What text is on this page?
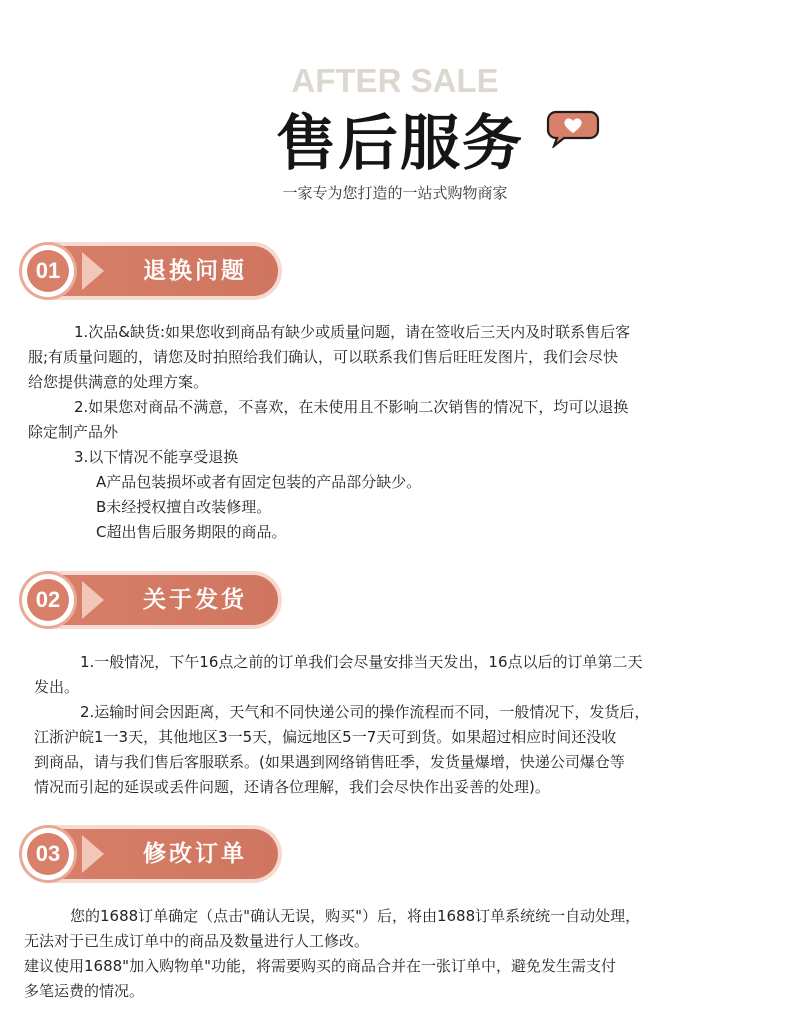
AFTER SALE
售后服务
一家专为您打造的一站式购物商家
01	退换问题

1.次品&缺货:如果您收到商品有缺少或质量问题，请在签收后三天内及时联系售后客

服;有质量问题的，请您及时拍照给我们确认，可以联系我们售后旺旺发图片，我们会尽快

给您提供满意的处理方案。

2.如果您对商品不满意，不喜欢，在未使用且不影响二次销售的情况下，均可以退换

除定制产品外

3.以下情况不能享受退换

A产品包装损坏或者有固定包装的产品部分缺少。

B未经授权擅自改装修理。

C超出售后服务期限的商品。

02	关于发货

1.一般情况，下午16点之前的订单我们会尽量安排当天发出，16点以后的订单第二天

发出。

2.运输时间会因距离，天气和不同快递公司的操作流程而不同，一般情况下，发货后，

江浙沪皖1一3天，其他地区3一5天，偏远地区5一7天可到货。如果超过相应时间还没收

到商品，请与我们售后客服联系。(如果遇到网络销售旺季，发货量爆增，快递公司爆仓等

情况而引起的延误或丢件问题，还请各位理解，我们会尽快作出妥善的处理)。

03	修改订单

您的1688订单确定（点击"确认无误，购买"）后，将由1688订单系统统一自动处理，

无法对于已生成订单中的商品及数量进行人工修改。

建议使用1688"加入购物单"功能，将需要购买的商品合并在一张订单中，避免发生需支付

多笔运费的情况。
